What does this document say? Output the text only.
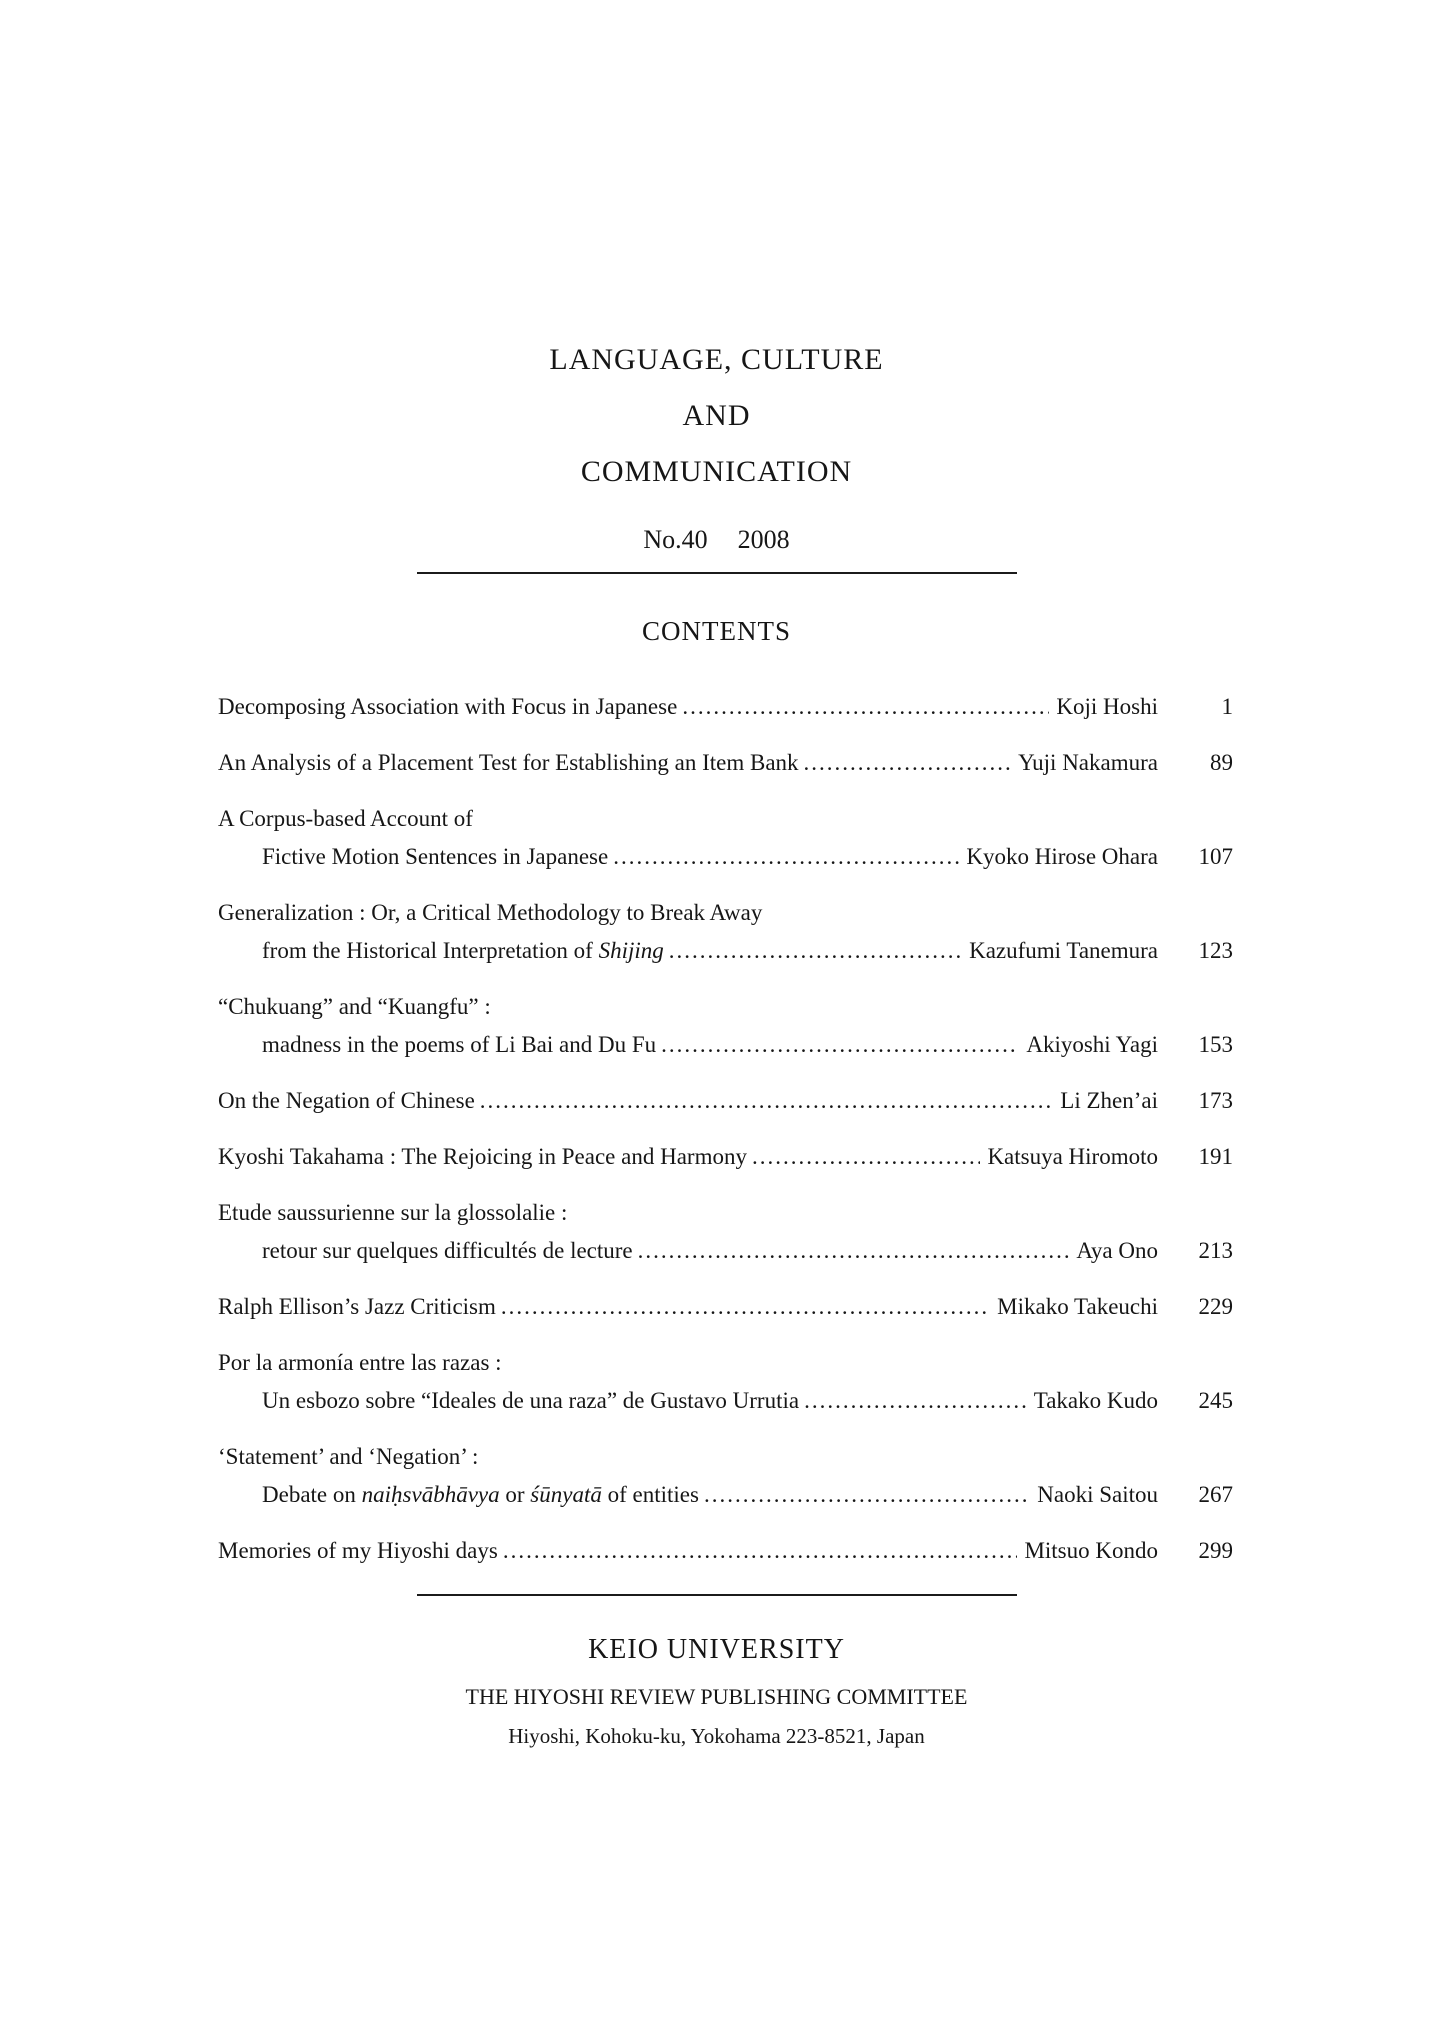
LANGUAGE, CULTURE
AND
COMMUNICATION
No.40 2008
CONTENTS
Decomposing Association with Focus in Japanese .....	Koji Hoshi	1
An Analysis of a Placement Test for Establishing an Item Bank .....	Yuji Nakamura	89
A Corpus-based Account of
Fictive Motion Sentences in Japanese .....	Kyoko Hirose Ohara	107
Generalization : Or, a Critical Methodology to Break Away
from the Historical Interpretation of Shijing .....	Kazufumi Tanemura	123
“Chukuang” and “Kuangfu” :
madness in the poems of Li Bai and Du Fu .....	Akiyoshi Yagi	153
On the Negation of Chinese .....	Li Zhen’ai	173
Kyoshi Takahama : The Rejoicing in Peace and Harmony .....	Katsuya Hiromoto	191
Etude saussurienne sur la glossolalie :
retour sur quelques difficultés de lecture .....	Aya Ono	213
Ralph Ellison’s Jazz Criticism .....	Mikako Takeuchi	229
Por la armonía entre las razas :
Un esbozo sobre “Ideales de una raza” de Gustavo Urrutia .....	Takako Kudo	245
‘Statement’ and ‘Negation’ :
Debate on naiḥsvābhāvya or śūnyatā of entities .....	Naoki Saitou	267
Memories of my Hiyoshi days .....	Mitsuo Kondo	299
KEIO UNIVERSITY
THE HIYOSHI REVIEW PUBLISHING COMMITTEE
Hiyoshi, Kohoku-ku, Yokohama 223-8521, Japan
